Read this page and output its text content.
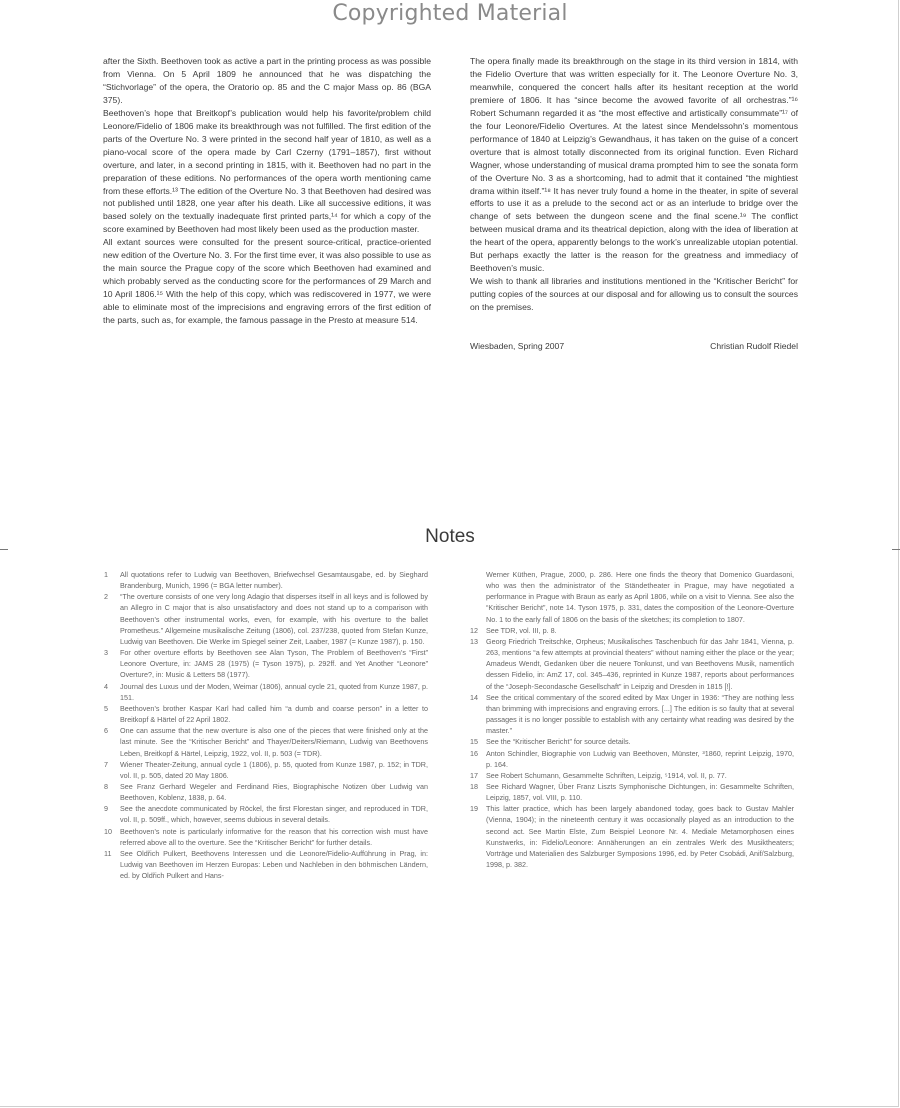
Copyrighted Material

after the Sixth. Beethoven took as active a part in the printing process as was possible from Vienna. On 5 April 1809 he announced that he was dispatching the “Stichvorlage” of the opera, the Oratorio op. 85 and the C major Mass op. 86 (BGA 375).

Beethoven’s hope that Breitkopf’s publication would help his favorite/problem child Leonore/Fidelio of 1806 make its breakthrough was not fulfilled. The first edition of the parts of the Overture No. 3 were printed in the second half year of 1810, as well as a piano-vocal score of the opera made by Carl Czerny (1791–1857), first without overture, and later, in a second printing in 1815, with it. Beethoven had no part in the preparation of these editions. No performances of the opera worth mentioning came from these efforts.¹³ The edition of the Overture No. 3 that Beethoven had desired was not published until 1828, one year after his death. Like all successive editions, it was based solely on the textually inadequate first printed parts,¹⁴ for which a copy of the score examined by Beethoven had most likely been used as the production master.

All extant sources were consulted for the present source-critical, practice-oriented new edition of the Overture No. 3. For the first time ever, it was also possible to use as the main source the Prague copy of the score which Beethoven had examined and which probably served as the conducting score for the performances of 29 March and 10 April 1806.¹⁵ With the help of this copy, which was rediscovered in 1977, we were able to eliminate most of the imprecisions and engraving errors of the first edition of the parts, such as, for example, the famous passage in the Presto at measure 514.

The opera finally made its breakthrough on the stage in its third version in 1814, with the Fidelio Overture that was written especially for it. The Leonore Overture No. 3, meanwhile, conquered the concert halls after its hesitant reception at the world premiere of 1806. It has “since become the avowed favorite of all orchestras.”¹⁶ Robert Schumann regarded it as “the most effective and artistically consummate”¹⁷ of the four Leonore/Fidelio Overtures. At the latest since Mendelssohn’s momentous performance of 1840 at Leipzig’s Gewandhaus, it has taken on the guise of a concert overture that is almost totally disconnected from its original function. Even Richard Wagner, whose understanding of musical drama prompted him to see the sonata form of the Overture No. 3 as a shortcoming, had to admit that it contained “the mightiest drama within itself.”¹⁸ It has never truly found a home in the theater, in spite of several efforts to use it as a prelude to the second act or as an interlude to bridge over the change of sets between the dungeon scene and the final scene.¹⁹ The conflict between musical drama and its theatrical depiction, along with the idea of liberation at the heart of the opera, apparently belongs to the work’s unrealizable utopian potential. But perhaps exactly the latter is the reason for the greatness and immediacy of Beethoven’s music.

We wish to thank all libraries and institutions mentioned in the “Kritischer Bericht” for putting copies of the sources at our disposal and for allowing us to consult the sources on the premises.

Wiesbaden, Spring 2007	Christian Rudolf Riedel
Notes
1	All quotations refer to Ludwig van Beethoven, Briefwechsel Gesamtausgabe, ed. by Sieghard Brandenburg, Munich, 1996 (= BGA letter number).
2	“The overture consists of one very long Adagio that disperses itself in all keys and is followed by an Allegro in C major that is also unsatisfactory and does not stand up to a comparison with Beethoven’s other instrumental works, even, for example, with his overture to the ballet Prometheus.” Allgemeine musikalische Zeitung (1806), col. 237/238, quoted from Stefan Kunze, Ludwig van Beethoven. Die Werke im Spiegel seiner Zeit, Laaber, 1987 (= Kunze 1987), p. 150.
3	For other overture efforts by Beethoven see Alan Tyson, The Problem of Beethoven’s “First” Leonore Overture, in: JAMS 28 (1975) (= Tyson 1975), p. 292ff. and Yet Another “Leonore” Overture?, in: Music & Letters 58 (1977).
4	Journal des Luxus und der Moden, Weimar (1806), annual cycle 21, quoted from Kunze 1987, p. 151.
5	Beethoven’s brother Kaspar Karl had called him “a dumb and coarse person” in a letter to Breitkopf & Härtel of 22 April 1802.
6	One can assume that the new overture is also one of the pieces that were finished only at the last minute. See the “Kritischer Bericht” and Thayer/Deiters/Riemann, Ludwig van Beethovens Leben, Breitkopf & Härtel, Leipzig, 1922, vol. II, p. 503 (= TDR).
7	Wiener Theater-Zeitung, annual cycle 1 (1806), p. 55, quoted from Kunze 1987, p. 152; in TDR, vol. II, p. 505, dated 20 May 1806.
8	See Franz Gerhard Wegeler and Ferdinand Ries, Biographische Notizen über Ludwig van Beethoven, Koblenz, 1838, p. 64.
9	See the anecdote communicated by Röckel, the first Florestan singer, and reproduced in TDR, vol. II, p. 509ff., which, however, seems dubious in several details.
10	Beethoven’s note is particularly informative for the reason that his correction wish must have referred above all to the overture. See the “Kritischer Bericht” for further details.
11	See Oldřich Pulkert, Beethovens Interessen und die Leonore/Fidelio-Aufführung in Prag, in: Ludwig van Beethoven im Herzen Europas: Leben und Nachleben in den böhmischen Ländern, ed. by Oldřich Pulkert and Hans-
Werner Küthen, Prague, 2000, p. 286. Here one finds the theory that Domenico Guardasoni, who was then the administrator of the Ständetheater in Prague, may have negotiated a performance in Prague with Braun as early as April 1806, while on a visit to Vienna. See also the “Kritischer Bericht”, note 14. Tyson 1975, p. 331, dates the composition of the Leonore-Overture No. 1 to the early fall of 1806 on the basis of the sketches; its completion to 1807.
12	See TDR, vol. III, p. 8.
13	Georg Friedrich Treitschke, Orpheus; Musikalisches Taschenbuch für das Jahr 1841, Vienna, p. 263, mentions “a few attempts at provincial theaters” without naming either the place or the year; Amadeus Wendt, Gedanken über die neuere Tonkunst, und van Beethovens Musik, namentlich dessen Fidelio, in: AmZ 17, col. 345–436, reprinted in Kunze 1987, reports about performances of the “Joseph-Secondasche Gesellschaft” in Leipzig and Dresden in 1815 [!].
14	See the critical commentary of the scored edited by Max Unger in 1936: “They are nothing less than brimming with imprecisions and engraving errors. [...] The edition is so faulty that at several passages it is no longer possible to establish with any certainty what reading was desired by the master.”
15	See the “Kritischer Bericht” for source details.
16	Anton Schindler, Biographie von Ludwig van Beethoven, Münster, ³1860, reprint Leipzig, 1970, p. 164.
17	See Robert Schumann, Gesammelte Schriften, Leipzig, ⁵1914, vol. II, p. 77.
18	See Richard Wagner, Über Franz Liszts Symphonische Dichtungen, in: Gesammelte Schriften, Leipzig, 1857, vol. VIII, p. 110.
19	This latter practice, which has been largely abandoned today, goes back to Gustav Mahler (Vienna, 1904); in the nineteenth century it was occasionally played as an introduction to the second act. See Martin Elste, Zum Beispiel Leonore Nr. 4. Mediale Metamorphosen eines Kunstwerks, in: Fidelio/Leonore: Annäherungen an ein zentrales Werk des Musiktheaters; Vorträge und Materialien des Salzburger Symposions 1996, ed. by Peter Csobádi, Anif/Salzburg, 1998, p. 382.
